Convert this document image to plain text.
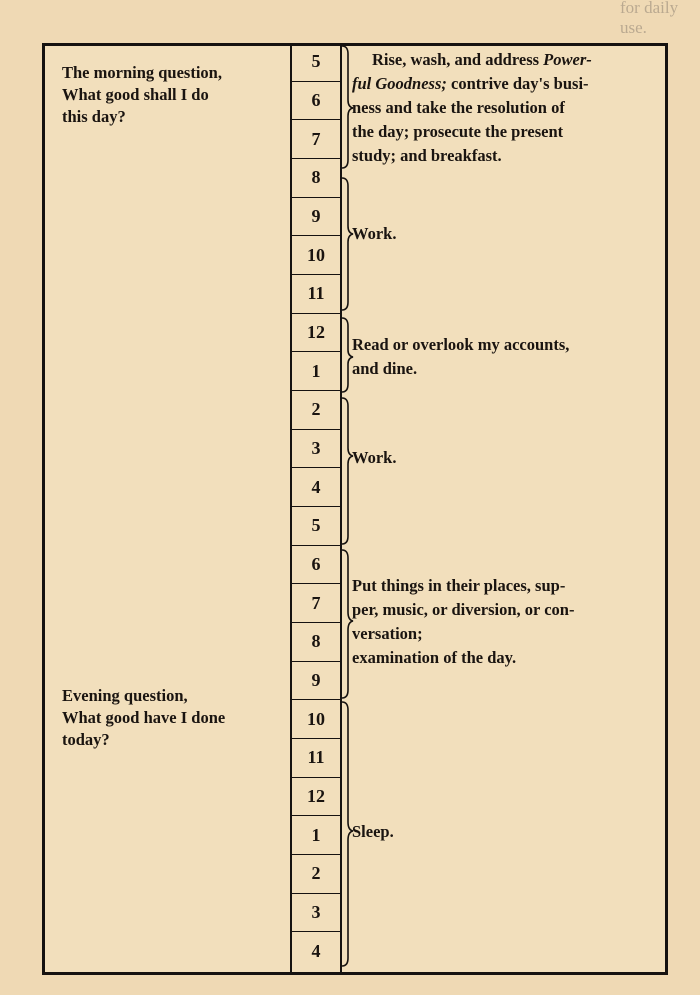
for daily use.
5
6
7
8
9
10
11
12
1
2
3
4
5
6
7
8
9
10
11
12
1
2
3
4
The morning question,
What good shall I do
this day?
Evening question,
What good have I done
today?
Rise, wash, and address Power-
ful Goodness; contrive day's busi-
ness and take the resolution of
the day; prosecute the present
study; and breakfast.
Work.
Read or overlook my accounts,
and dine.
Work.
Put things in their places, sup-
per, music, or diversion, or con-
versation;
examination of the day.
Sleep.
